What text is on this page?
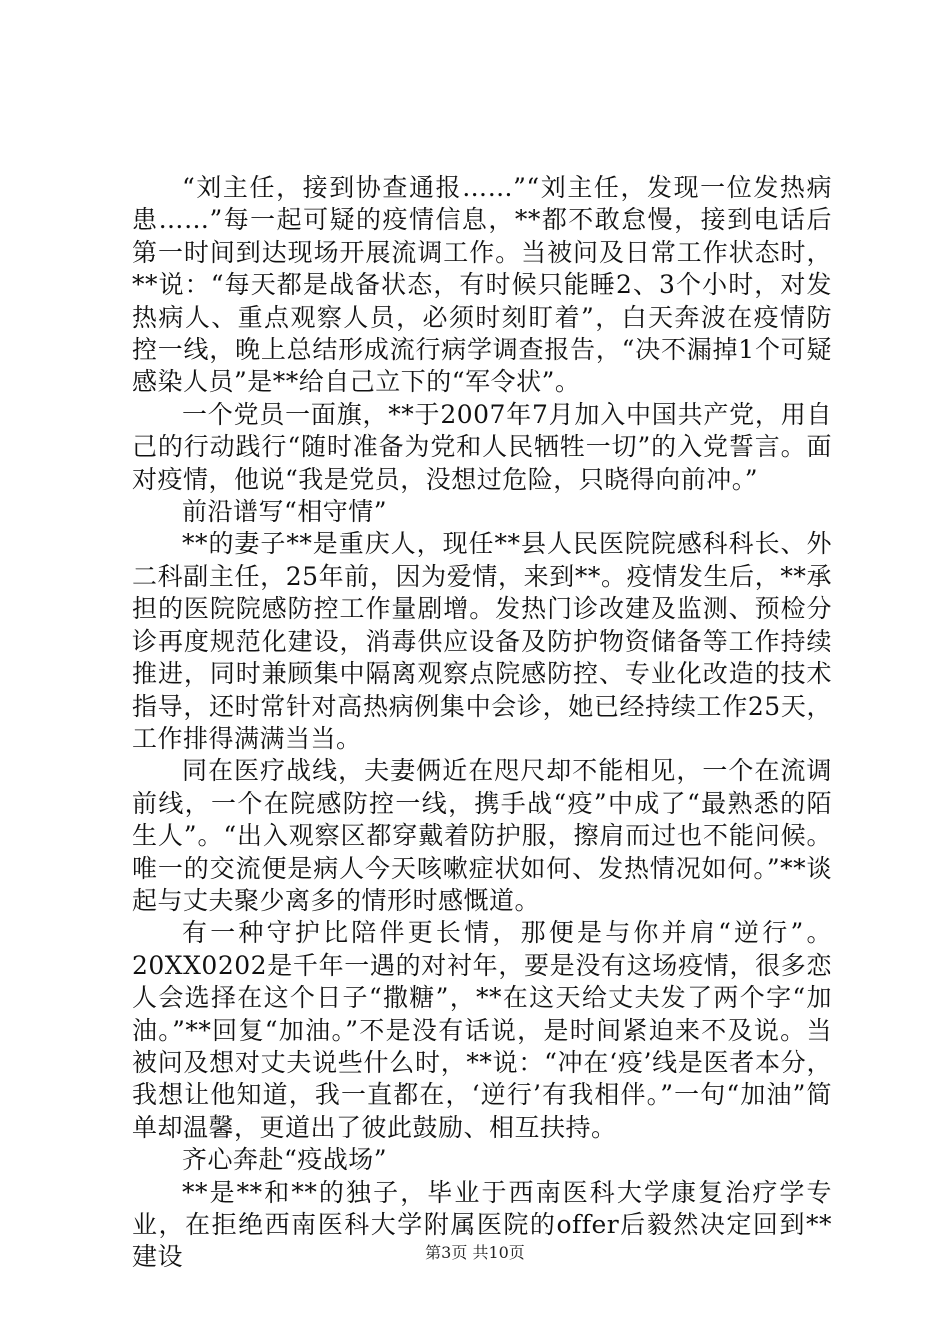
“刘主任，接到协查通报……”“刘主任，发现一位发热病患……”每一起可疑的疫情信息，**都不敢怠慢，接到电话后第一时间到达现场开展流调工作。当被问及日常工作状态时，**说：“每天都是战备状态，有时候只能睡2、3个小时，对发热病人、重点观察人员，必须时刻盯着”，白天奔波在疫情防控一线，晚上总结形成流行病学调查报告，“决不漏掉1个可疑感染人员”是**给自己立下的“军令状”。

一个党员一面旗，**于2007年7月加入中国共产党，用自己的行动践行“随时准备为党和人民牺牲一切”的入党誓言。面对疫情，他说“我是党员，没想过危险，只晓得向前冲。”

前沿谱写“相守情”

**的妻子**是重庆人，现任**县人民医院院感科科长、外二科副主任，25年前，因为爱情，来到**。疫情发生后，**承担的医院院感防控工作量剧增。发热门诊改建及监测、预检分诊再度规范化建设，消毒供应设备及防护物资储备等工作持续推进，同时兼顾集中隔离观察点院感防控、专业化改造的技术指导，还时常针对高热病例集中会诊，她已经持续工作25天，工作排得满满当当。

同在医疗战线，夫妻俩近在咫尺却不能相见，一个在流调前线，一个在院感防控一线，携手战“疫”中成了“最熟悉的陌生人”。“出入观察区都穿戴着防护服，擦肩而过也不能问候。唯一的交流便是病人今天咳嗽症状如何、发热情况如何。”**谈起与丈夫聚少离多的情形时感慨道。

有一种守护比陪伴更长情，那便是与你并肩“逆行”。20XX0202是千年一遇的对衬年，要是没有这场疫情，很多恋人会选择在这个日子“撒糖”，**在这天给丈夫发了两个字“加油。”**回复“加油。”不是没有话说，是时间紧迫来不及说。当被问及想对丈夫说些什么时，**说：“冲在‘疫’线是医者本分，我想让他知道，我一直都在，‘逆行’有我相伴。”一句“加油”简单却温馨，更道出了彼此鼓励、相互扶持。

齐心奔赴“疫战场”

**是**和**的独子，毕业于西南医科大学康复治疗学专业，在拒绝西南医科大学附属医院的offer后毅然决定回到**建设	第3页 共10页
